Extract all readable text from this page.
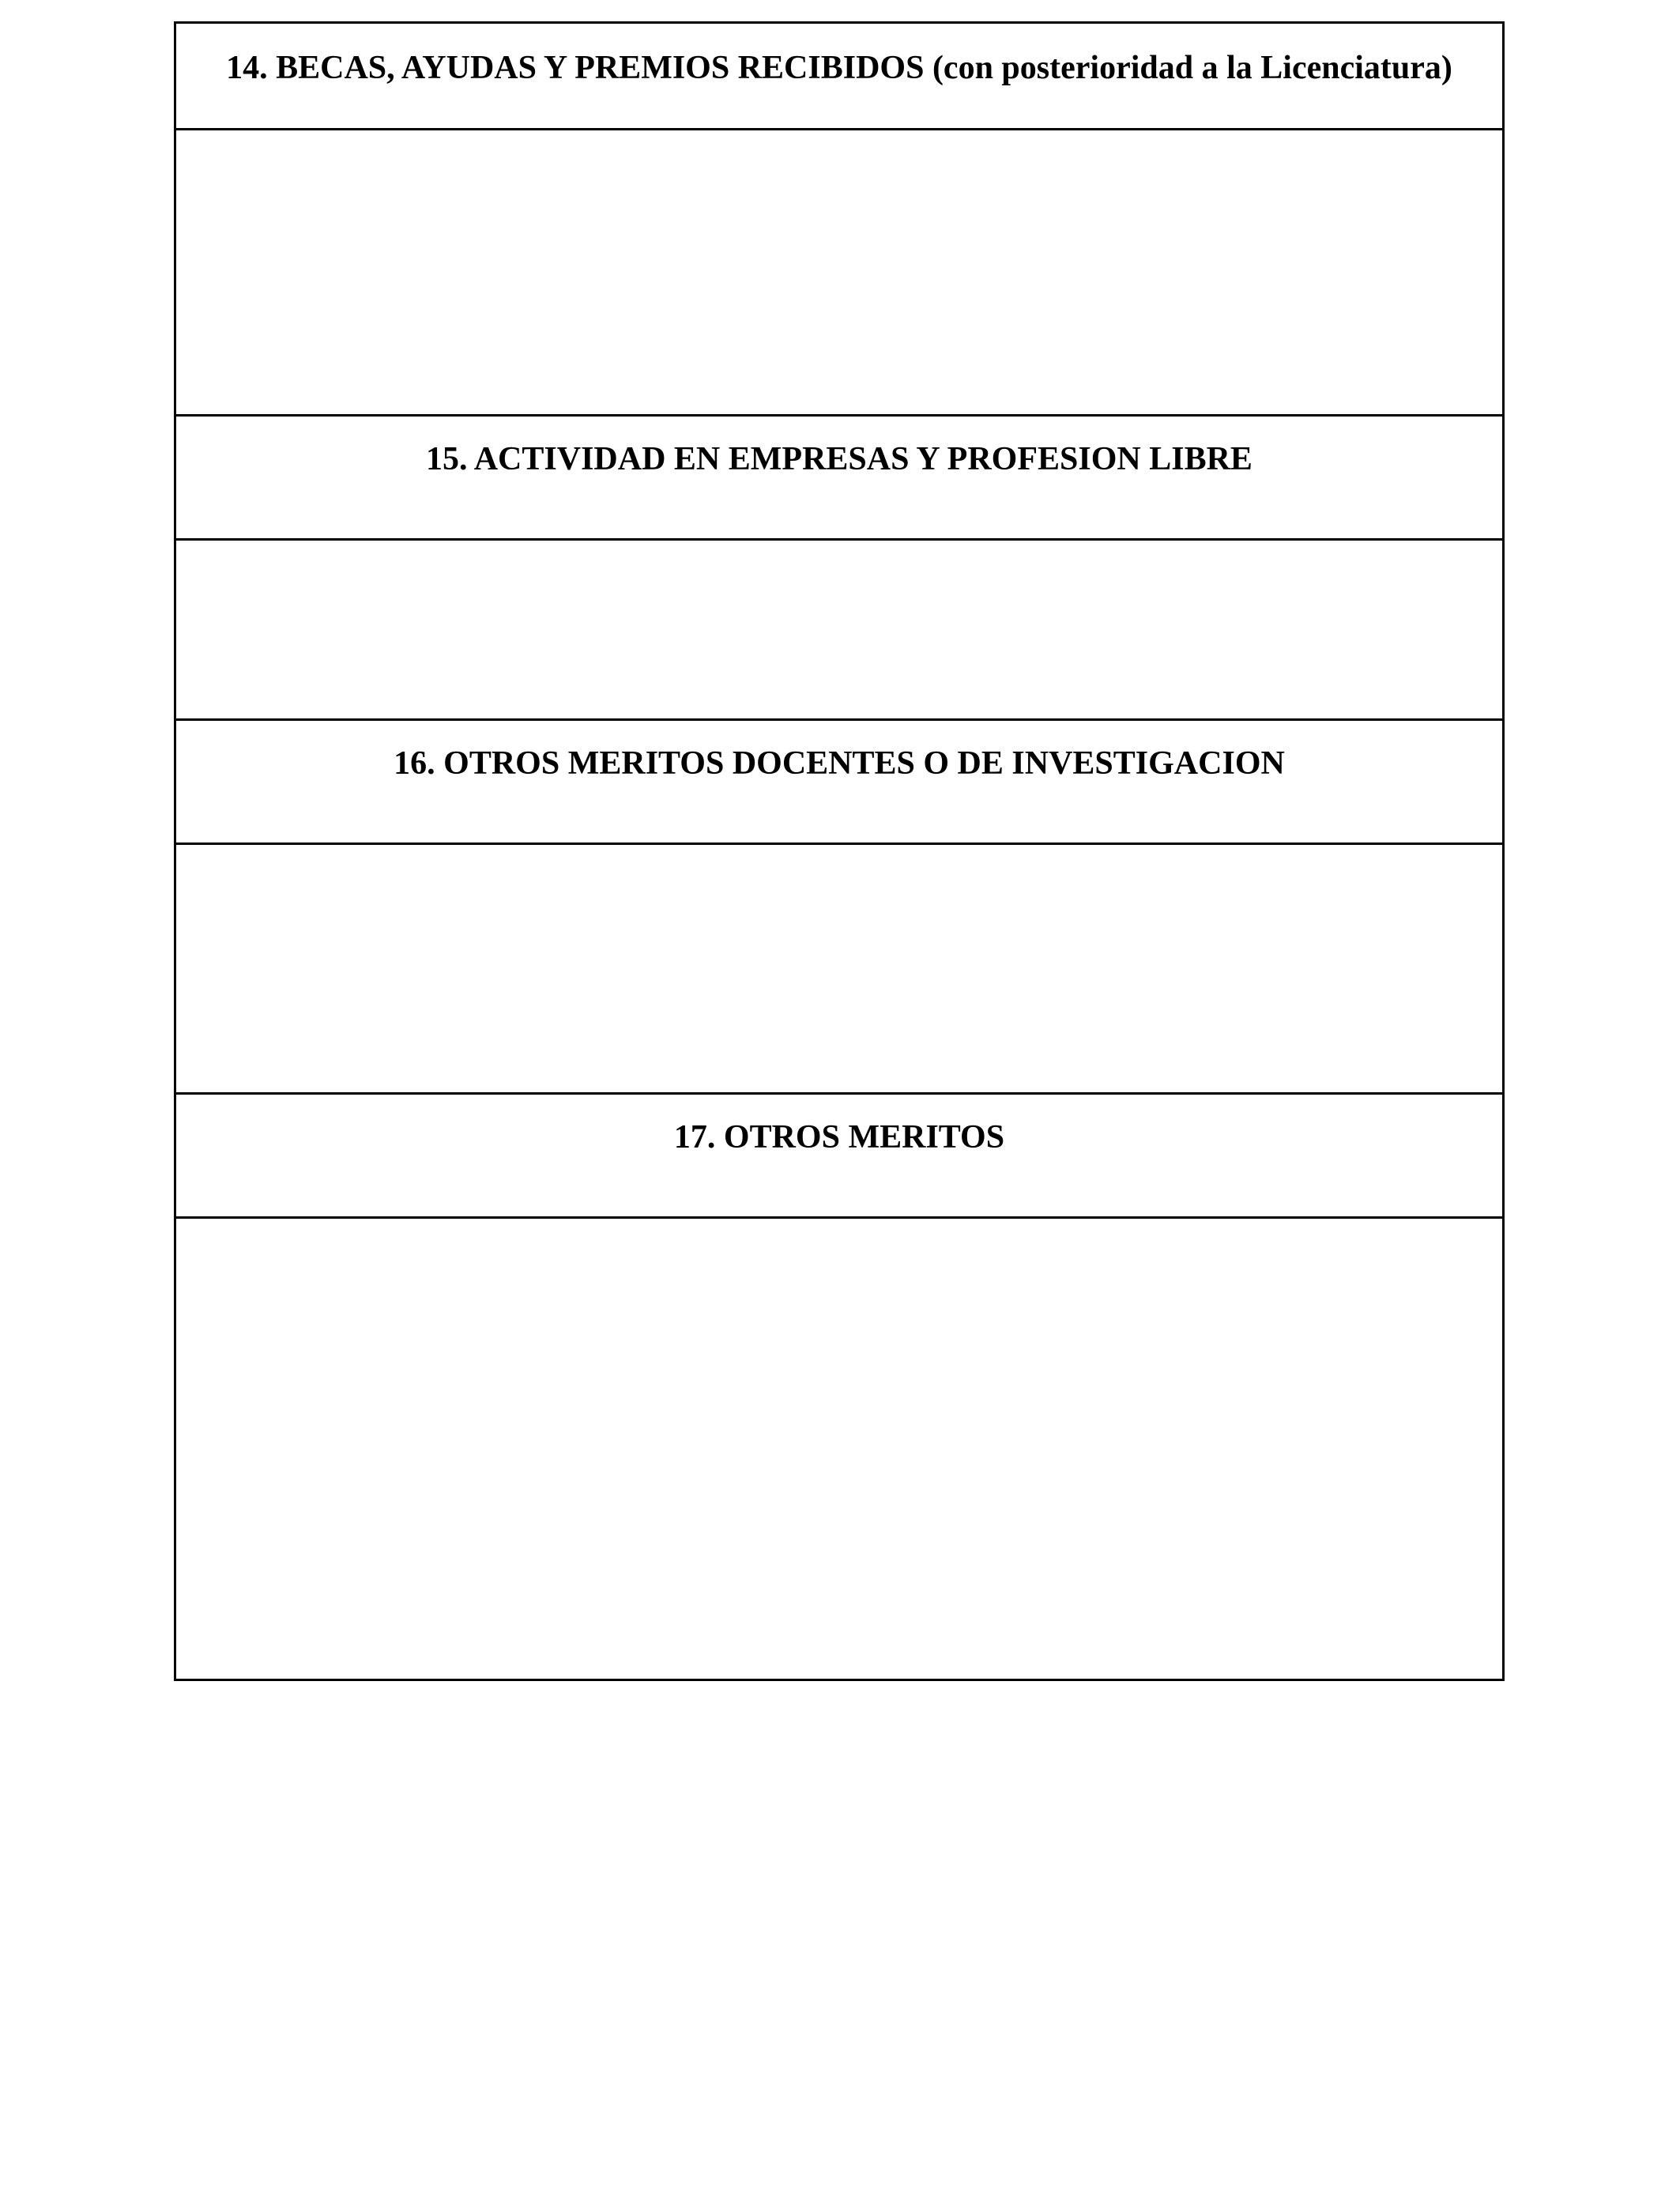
14. BECAS, AYUDAS Y PREMIOS RECIBIDOS (con posterioridad a la Licenciatura)

15. ACTIVIDAD EN EMPRESAS Y PROFESION LIBRE

16. OTROS MERITOS DOCENTES O DE INVESTIGACION

17. OTROS MERITOS
